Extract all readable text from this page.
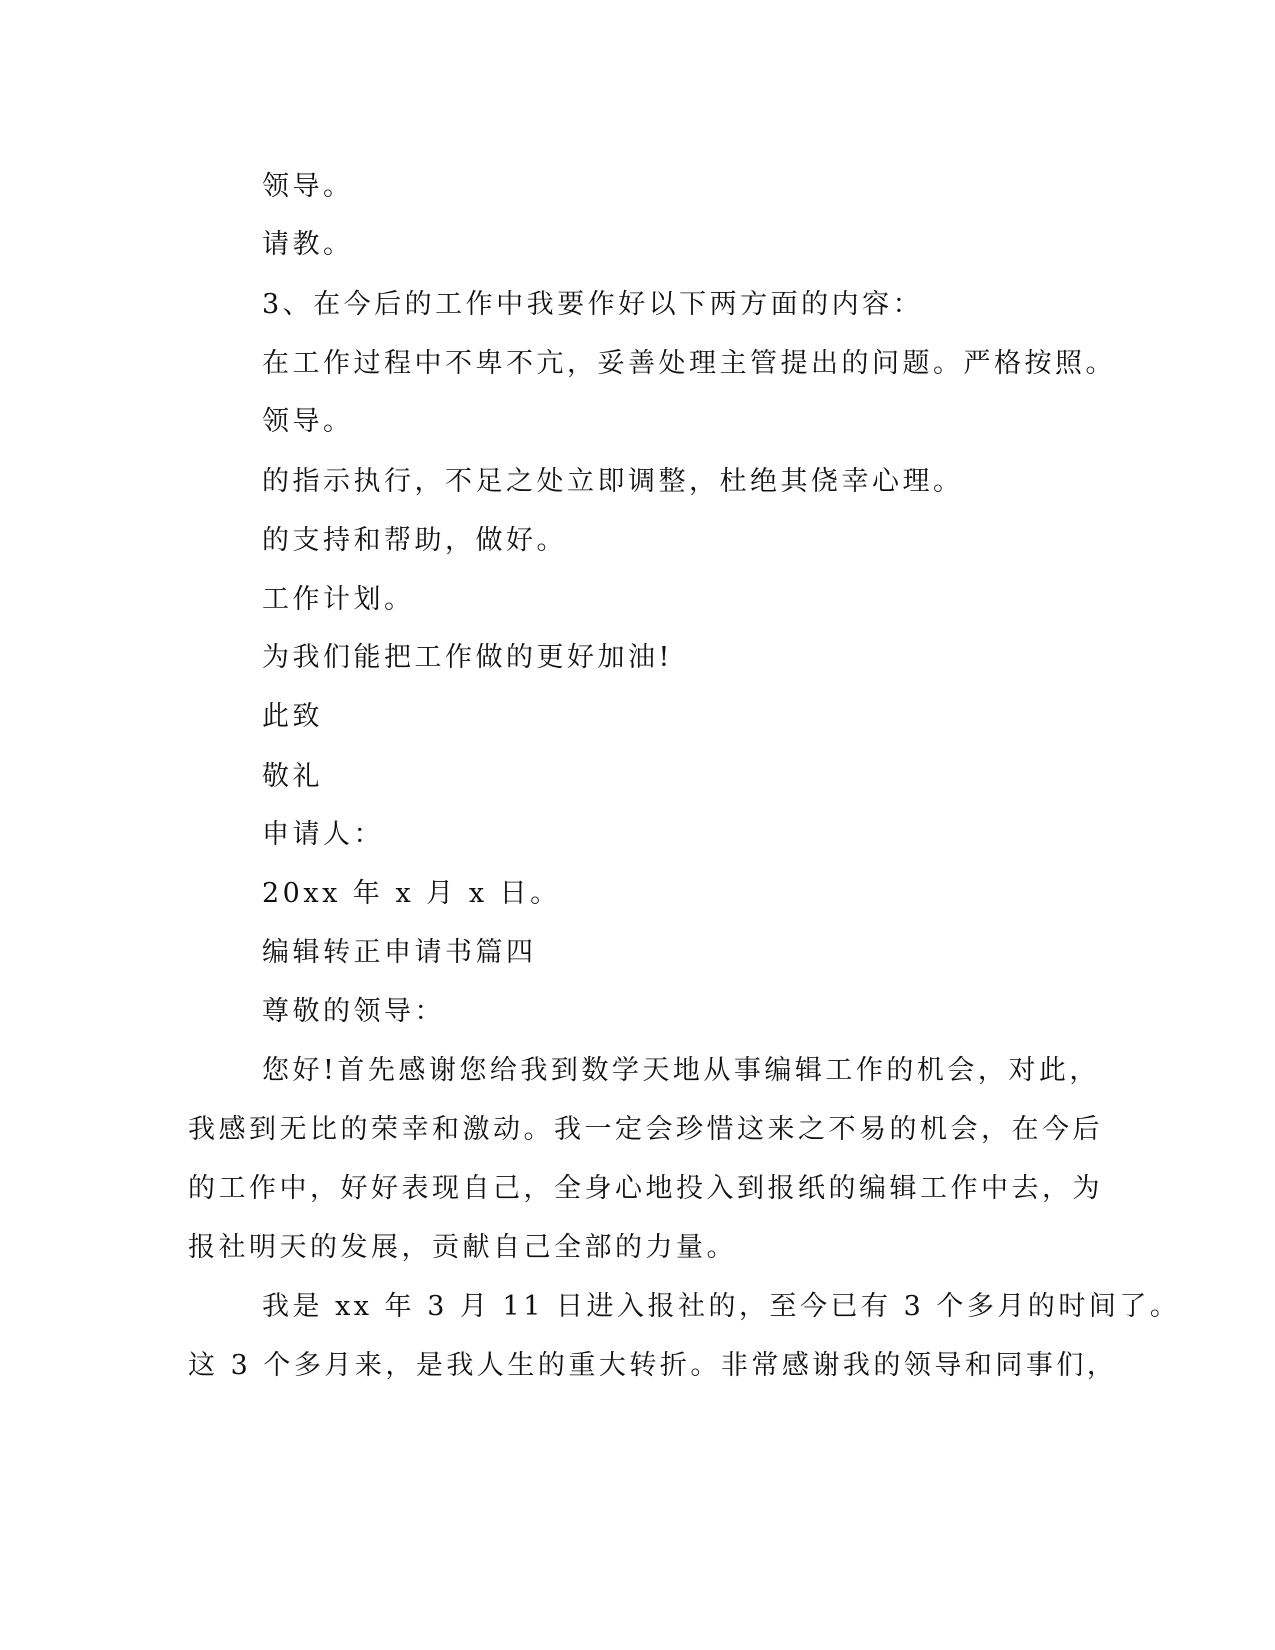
领导。
请教。
3、在今后的工作中我要作好以下两方面的内容：
在工作过程中不卑不亢，妥善处理主管提出的问题。严格按照。
领导。
的指示执行，不足之处立即调整，杜绝其侥幸心理。
的支持和帮助，做好。
工作计划。
为我们能把工作做的更好加油!
此致
敬礼
申请人：
20xx 年 x 月 x 日。
编辑转正申请书篇四
尊敬的领导：
您好!首先感谢您给我到数学天地从事编辑工作的机会，对此，
我感到无比的荣幸和激动。我一定会珍惜这来之不易的机会，在今后
的工作中，好好表现自己，全身心地投入到报纸的编辑工作中去，为
报社明天的发展，贡献自己全部的力量。
我是 xx 年 3 月 11 日进入报社的，至今已有 3 个多月的时间了。
这 3 个多月来，是我人生的重大转折。非常感谢我的领导和同事们，
